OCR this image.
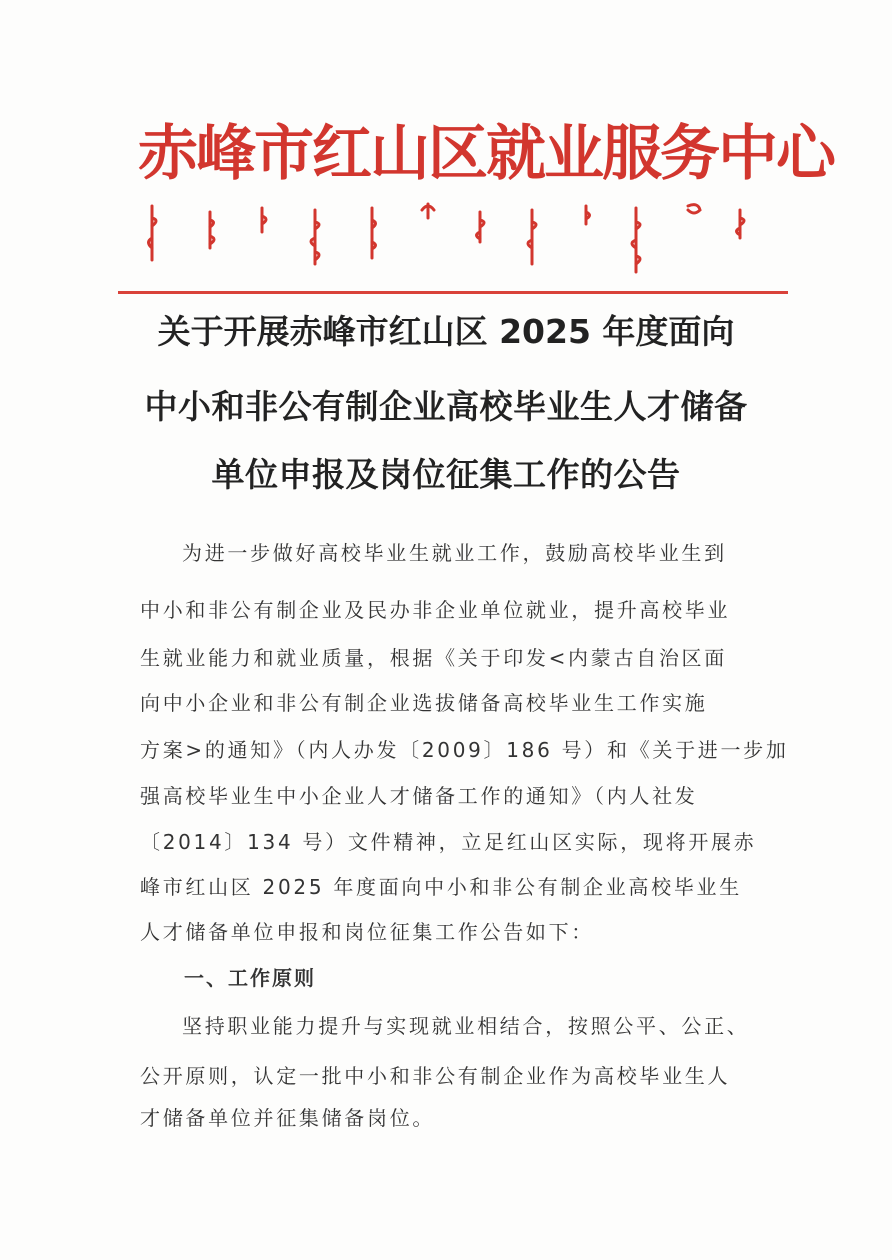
赤峰市红山区就业服务中心
关于开展赤峰市红山区 2025 年度面向
中小和非公有制企业高校毕业生人才储备
单位申报及岗位征集工作的公告
为进一步做好高校毕业生就业工作，鼓励高校毕业生到
中小和非公有制企业及民办非企业单位就业，提升高校毕业
生就业能力和就业质量，根据《关于印发<内蒙古自治区面
向中小企业和非公有制企业选拔储备高校毕业生工作实施
方案>的通知》（内人办发〔2009〕186 号）和《关于进一步加
强高校毕业生中小企业人才储备工作的通知》（内人社发
〔2014〕134 号）文件精神，立足红山区实际，现将开展赤
峰市红山区 2025 年度面向中小和非公有制企业高校毕业生
人才储备单位申报和岗位征集工作公告如下：
一、工作原则
坚持职业能力提升与实现就业相结合，按照公平、公正、
公开原则，认定一批中小和非公有制企业作为高校毕业生人
才储备单位并征集储备岗位。
